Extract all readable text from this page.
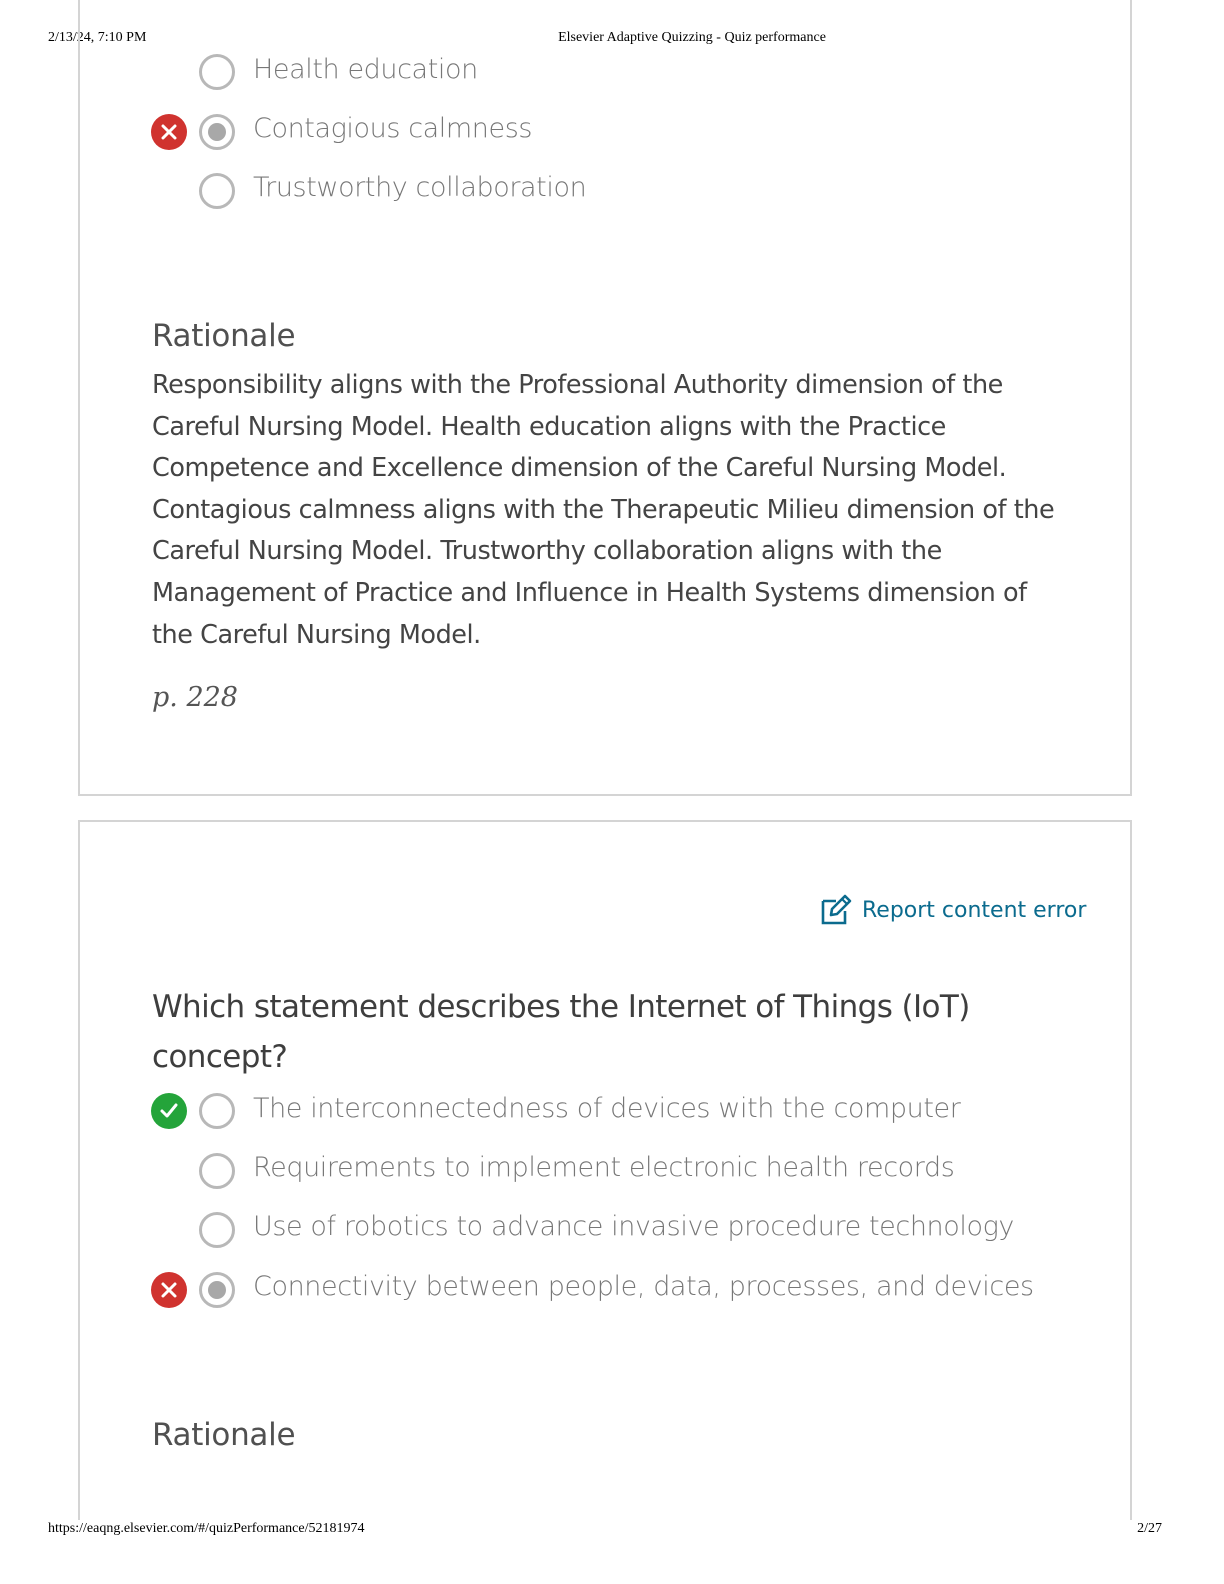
2/13/24, 7:10 PM	Elsevier Adaptive Quizzing - Quiz performance
Health education
Contagious calmness
Trustworthy collaboration
Rationale

Responsibility aligns with the Professional Authority dimension of the Careful Nursing Model. Health education aligns with the Practice Competence and Excellence dimension of the Careful Nursing Model. Contagious calmness aligns with the Therapeutic Milieu dimension of the Careful Nursing Model. Trustworthy collaboration aligns with the Management of Practice and Influence in Health Systems dimension of the Careful Nursing Model.

p. 228
Report content error
Which statement describes the Internet of Things (IoT) concept?
The interconnectedness of devices with the computer
Requirements to implement electronic health records
Use of robotics to advance invasive procedure technology
Connectivity between people, data, processes, and devices
Rationale
https://eaqng.elsevier.com/#/quizPerformance/52181974	2/27
